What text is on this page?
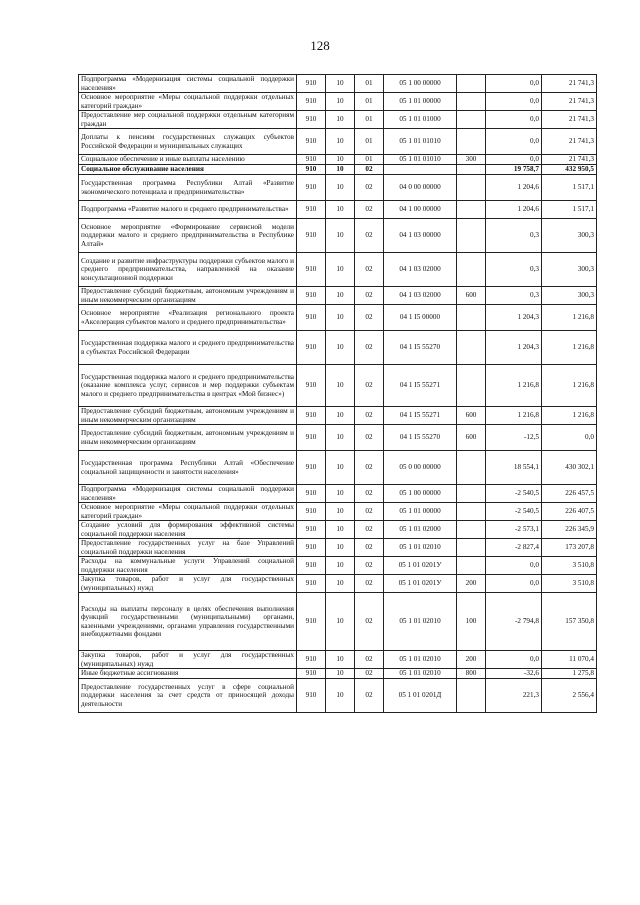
128
Подпрограмма «Модернизация системы социальной поддержки населения»	910	10	01	05 1 00 00000		0,0	21 741,3
Основное мероприятие «Меры социальной поддержки отдельных категорий граждан»	910	10	01	05 1 01 00000		0,0	21 741,3
Предоставление мер социальной поддержки отдельным категориям граждан	910	10	01	05 1 01 01000		0,0	21 741,3
Доплаты к пенсиям государственных служащих субъектов Российской Федерации и муниципальных служащих	910	10	01	05 1 01 01010		0,0	21 741,3
Социальное обеспечение и иные выплаты населению	910	10	01	05 1 01 01010	300	0,0	21 741,3
Социальное обслуживание населения	910	10	02			19 758,7	432 950,5
Государственная программа Республики Алтай «Развитие экономического потенциала и предпринимательства»	910	10	02	04 0 00 00000		1 204,6	1 517,1
Подпрограмма «Развитие малого и среднего предпринимательства»	910	10	02	04 1 00 00000		1 204,6	1 517,1
Основное мероприятие «Формирование сервисной модели поддержки малого и среднего предпринимательства в Республике Алтай»	910	10	02	04 1 03 00000		0,3	300,3
Создание и развитие инфраструктуры поддержки субъектов малого и среднего предпринимательства, направленной на оказание консультационной поддержки	910	10	02	04 1 03 02000		0,3	300,3
Предоставление субсидий бюджетным, автономным учреждениям и иным некоммерческим организациям	910	10	02	04 1 03 02000	600	0,3	300,3
Основное мероприятие «Реализация регионального проекта «Акселерация субъектов малого и среднего предпринимательства»	910	10	02	04 1 I5 00000		1 204,3	1 216,8
Государственная поддержка малого и среднего предпринимательства в субъектах Российской Федерации	910	10	02	04 1 I5 55270		1 204,3	1 216,8
Государственная поддержка малого и среднего предпринимательства (оказание комплекса услуг, сервисов и мер поддержки субъектам малого и среднего предпринимательства в центрах «Мой бизнес»)	910	10	02	04 1 I5 55271		1 216,8	1 216,8
Предоставление субсидий бюджетным, автономным учреждениям и иным некоммерческим организациям	910	10	02	04 1 I5 55271	600	1 216,8	1 216,8
Предоставление субсидий бюджетным, автономным учреждениям и иным некоммерческим организациям	910	10	02	04 1 I5 55270	600	-12,5	0,0
Государственная программа Республики Алтай «Обеспечение социальной защищенности и занятости населения»	910	10	02	05 0 00 00000		18 554,1	430 302,1
Подпрограмма «Модернизация системы социальной поддержки населения»	910	10	02	05 1 00 00000		-2 540,5	226 457,5
Основное мероприятие «Меры социальной поддержки отдельных категорий граждан»	910	10	02	05 1 01 00000		-2 540,5	226 407,5
Создание условий для формирования эффективной системы социальной поддержки населения	910	10	02	05 1 01 02000		-2 573,1	226 345,9
Предоставление государственных услуг на базе Управлений социальной поддержки населения	910	10	02	05 1 01 02010		-2 827,4	173 207,8
Расходы на коммунальные услуги Управлений социальной поддержки населения	910	10	02	05 1 01 0201У		0,0	3 510,8
Закупка товаров, работ и услуг для государственных (муниципальных) нужд	910	10	02	05 1 01 0201У	200	0,0	3 510,8
Расходы на выплаты персоналу в целях обеспечения выполнения функций государственными (муниципальными) органами, казенными учреждениями, органами управления государственными внебюджетными фондами	910	10	02	05 1 01 02010	100	-2 794,8	157 350,8
Закупка товаров, работ и услуг для государственных (муниципальных) нужд	910	10	02	05 1 01 02010	200	0,0	11 070,4
Иные бюджетные ассигнования	910	10	02	05 1 01 02010	800	-32,6	1 275,8
Предоставление государственных услуг в сфере социальной поддержки населения за счет средств от приносящей доходы деятельности	910	10	02	05 1 01 0201Д		221,3	2 556,4
